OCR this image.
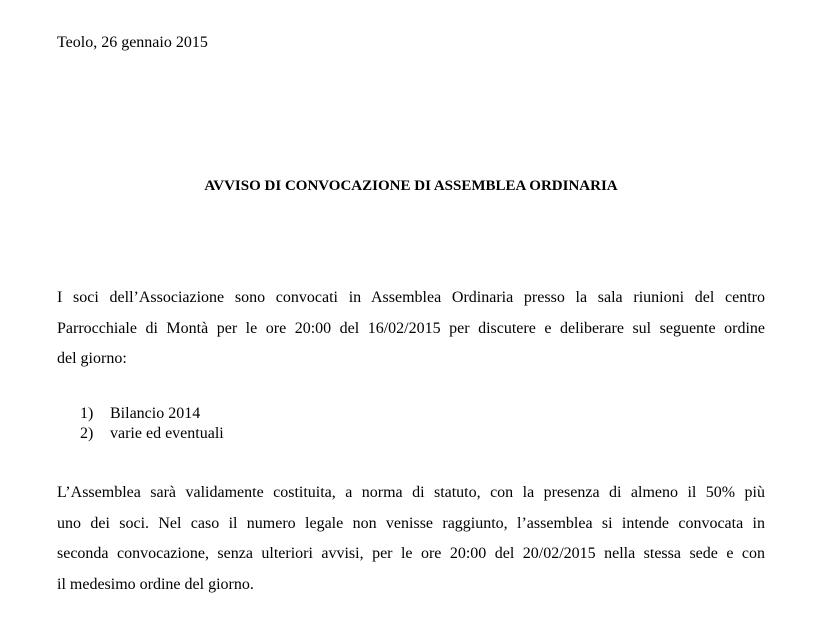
Teolo, 26 gennaio 2015
AVVISO DI CONVOCAZIONE DI ASSEMBLEA ORDINARIA
I soci dell’Associazione sono convocati in Assemblea Ordinaria presso la sala riunioni del centro
Parrocchiale di Montà per le ore 20:00 del 16/02/2015 per discutere e deliberare sul seguente ordine
del giorno:
1)	Bilancio 2014
2)	varie ed eventuali
L’Assemblea sarà validamente costituita, a norma di statuto, con la presenza di almeno il 50% più
uno dei soci. Nel caso il numero legale non venisse raggiunto, l’assemblea si intende convocata in
seconda convocazione, senza ulteriori avvisi, per le ore 20:00 del 20/02/2015 nella stessa sede e con
il medesimo ordine del giorno.
